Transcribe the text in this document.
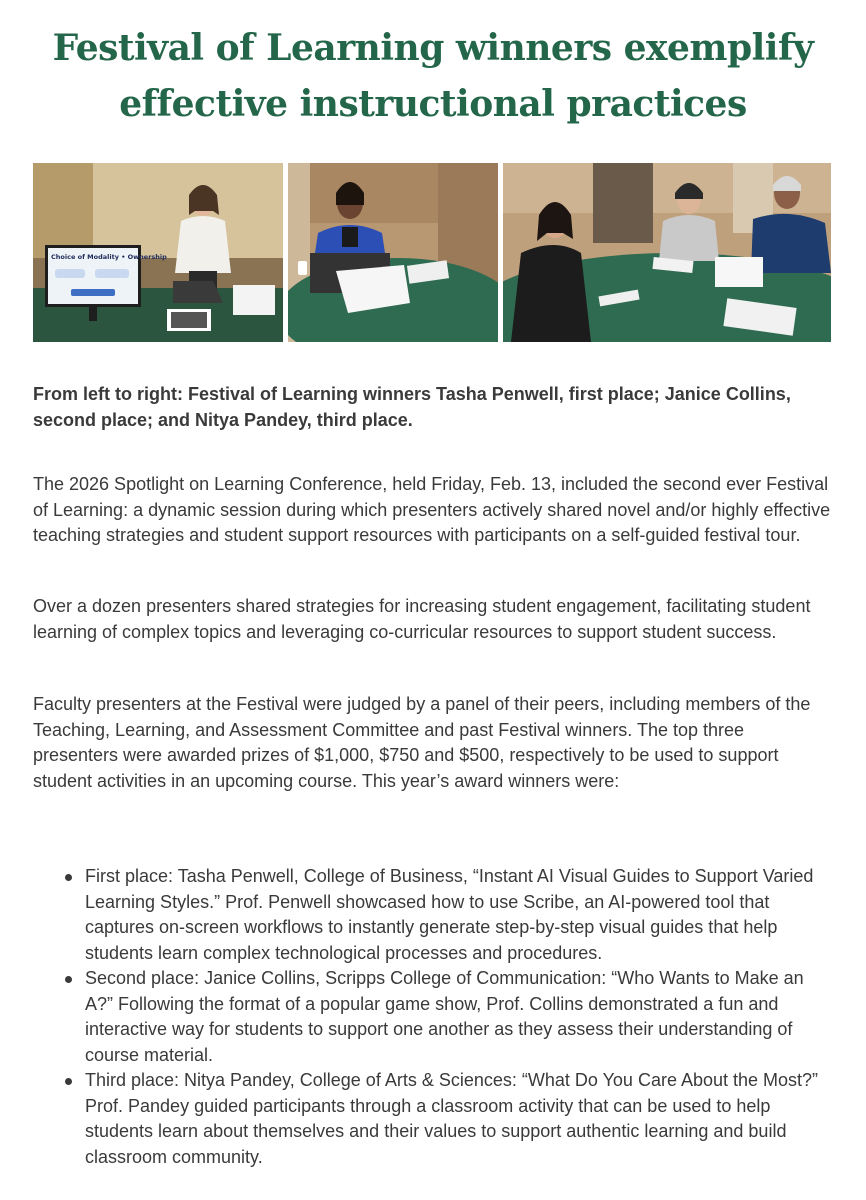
Festival of Learning winners exemplify effective instructional practices
Choice of Modality • Ownership

From left to right: Festival of Learning winners Tasha Penwell, first place; Janice Collins, second place; and Nitya Pandey, third place.

The 2026 Spotlight on Learning Conference, held Friday, Feb. 13, included the second ever Festival of Learning: a dynamic session during which presenters actively shared novel and/or highly effective teaching strategies and student support resources with participants on a self-guided festival tour.

Over a dozen presenters shared strategies for increasing student engagement, facilitating student learning of complex topics and leveraging co-curricular resources to support student success.

Faculty presenters at the Festival were judged by a panel of their peers, including members of the Teaching, Learning, and Assessment Committee and past Festival winners. The top three presenters were awarded prizes of $1,000, $750 and $500, respectively to be used to support student activities in an upcoming course. This year’s award winners were:

First place: Tasha Penwell, College of Business, “Instant AI Visual Guides to Support Varied Learning Styles.” Prof. Penwell showcased how to use Scribe, an AI-powered tool that captures on-screen workflows to instantly generate step-by-step visual guides that help students learn complex technological processes and procedures.
Second place: Janice Collins, Scripps College of Communication: “Who Wants to Make an A?” Following the format of a popular game show, Prof. Collins demonstrated a fun and interactive way for students to support one another as they assess their understanding of course material.
Third place: Nitya Pandey, College of Arts & Sciences: “What Do You Care About the Most?” Prof. Pandey guided participants through a classroom activity that can be used to help students learn about themselves and their values to support authentic learning and build classroom community.
